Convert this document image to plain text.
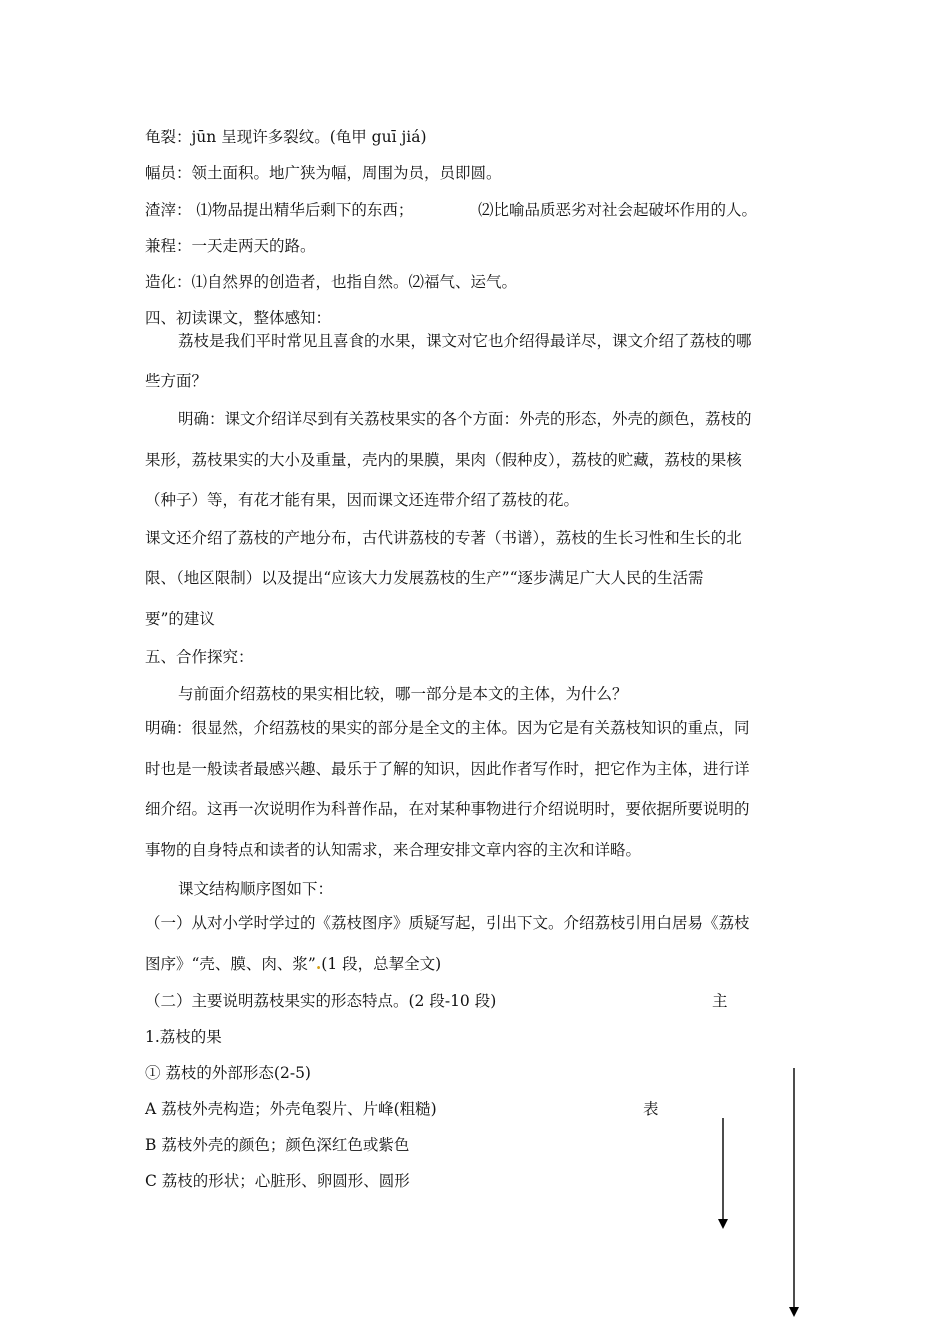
龟裂：jūn 呈现许多裂纹。(龟甲 guī jiá)
幅员：领土面积。地广狭为幅，周围为员，员即圆。
渣滓： ⑴物品提出精华后剩下的东西；	⑵比喻品质恶劣对社会起破坏作用的人。
兼程：一天走两天的路。
造化：⑴自然界的创造者，也指自然。⑵福气、运气。
四、初读课文，整体感知：
荔枝是我们平时常见且喜食的水果，课文对它也介绍得最详尽，课文介绍了荔枝的哪
些方面？
明确：课文介绍详尽到有关荔枝果实的各个方面：外壳的形态，外壳的颜色，荔枝的
果形，荔枝果实的大小及重量，壳内的果膜，果肉（假种皮），荔枝的贮藏，荔枝的果核
（种子）等，有花才能有果，因而课文还连带介绍了荔枝的花。
课文还介绍了荔枝的产地分布，古代讲荔枝的专著（书谱），荔枝的生长习性和生长的北
限、（地区限制）以及提出“应该大力发展荔枝的生产”“逐步满足广大人民的生活需
要”的建议
五、合作探究：
与前面介绍荔枝的果实相比较，哪一部分是本文的主体，为什么？
明确：很显然，介绍荔枝的果实的部分是全文的主体。因为它是有关荔枝知识的重点，同
时也是一般读者最感兴趣、最乐于了解的知识，因此作者写作时，把它作为主体，进行详
细介绍。这再一次说明作为科普作品，在对某种事物进行介绍说明时，要依据所要说明的
事物的自身特点和读者的认知需求，来合理安排文章内容的主次和详略。
课文结构顺序图如下：
（一）从对小学时学过的《荔枝图序》质疑写起，引出下文。介绍荔枝引用白居易《荔枝
图序》“壳、膜、肉、浆”.(1 段，总挈全文)
（二）主要说明荔枝果实的形态特点。(2 段-10 段)	主
1.荔枝的果
① 荔枝的外部形态(2-5)
A 荔枝外壳构造；外壳龟裂片、片峰(粗糙)	表
B 荔枝外壳的颜色；颜色深红色或紫色
C 荔枝的形状；心脏形、卵圆形、圆形
